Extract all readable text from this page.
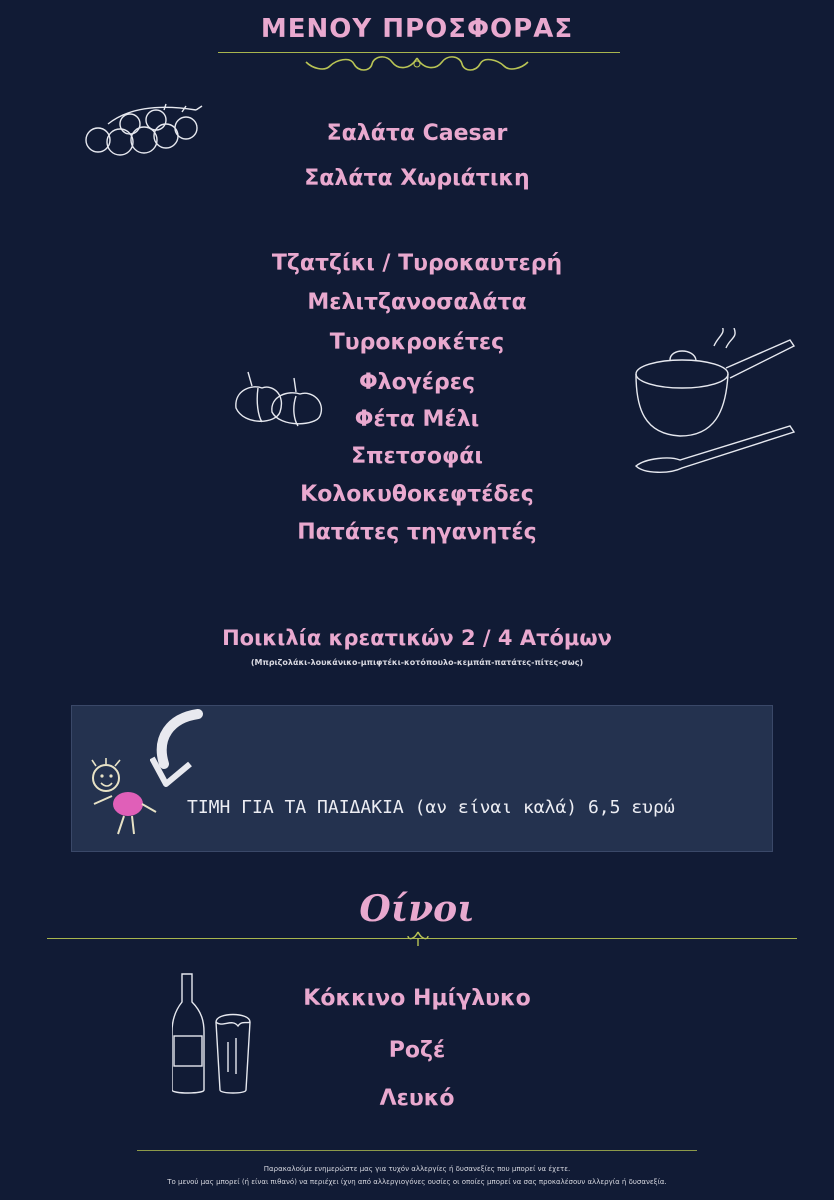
ΜΕΝΟΥ ΠΡΟΣΦΟΡΑΣ
Σαλάτα Caesar
Σαλάτα Χωριάτικη
Τζατζίκι / Τυροκαυτερή
Μελιτζανοσαλάτα
Τυροκροκέτες
Φλογέρες
Φέτα Μέλι
Σπετσοφάι
Κολοκυθοκεφτέδες
Πατάτες τηγανητές
Ποικιλία κρεατικών 2 / 4 Ατόμων
(Μπριζολάκι-λουκάνικο-μπιφτέκι-κοτόπουλο-κεμπάπ-πατάτες-πίτες-σως)
ΤΙΜΗ ΓΙΑ ΤΑ ΠΑΙΔΑΚΙΑ (αν είναι καλά) 6,5 ευρώ
Οίνοι
Κόκκινο Ημίγλυκο
Ροζέ
Λευκό
Παρακαλούμε ενημερώστε μας για τυχόν αλλεργίες ή δυσανεξίες που μπορεί να έχετε.
Το μενού μας μπορεί (ή είναι πιθανό) να περιέχει ίχνη από αλλεργιογόνες ουσίες οι οποίες μπορεί να σας προκαλέσουν αλλεργία ή δυσανεξία.
